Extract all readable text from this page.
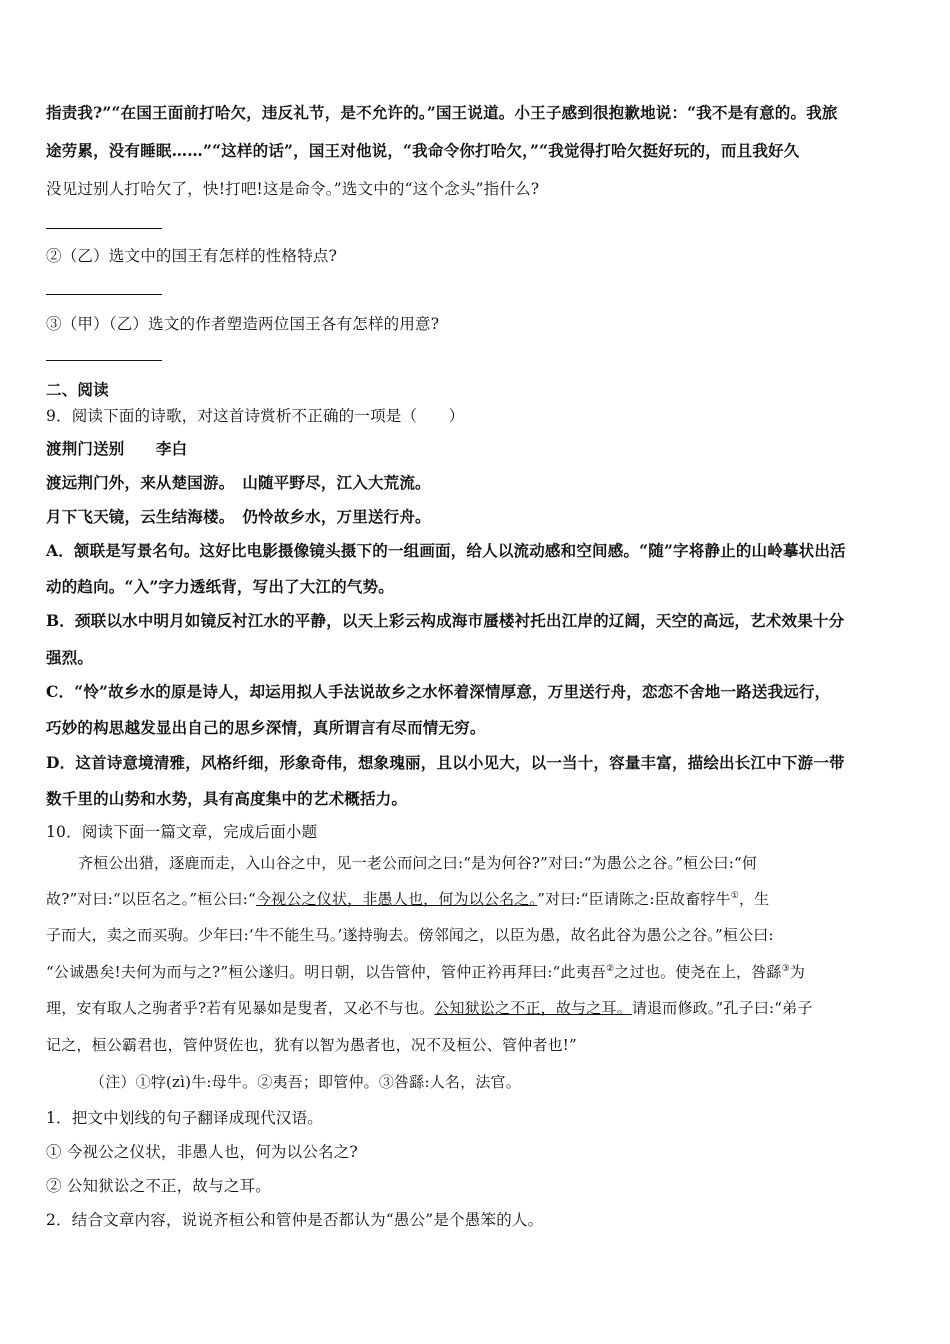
指责我?”“在国王面前打哈欠，违反礼节，是不允许的。”国王说道。小王子感到很抱歉地说：“我不是有意的。我旅
途劳累，没有睡眠……”“这样的话”，国王对他说，“我命令你打哈欠，”“我觉得打哈欠挺好玩的，而且我好久
没见过别人打哈欠了，快!打吧!这是命令。”选文中的“这个念头”指什么?
②（乙）选文中的国王有怎样的性格特点?
③（甲）（乙）选文的作者塑造两位国王各有怎样的用意?
二、阅读
9．阅读下面的诗歌，对这首诗赏析不正确的一项是（　　）
渡荆门送别　　李白
渡远荆门外，来从楚国游。　山随平野尽，江入大荒流。
月下飞天镜，云生结海楼。　仍怜故乡水，万里送行舟。
A．颔联是写景名句。这好比电影摄像镜头摄下的一组画面，给人以流动感和空间感。“随”字将静止的山岭摹状出活
动的趋向。“入”字力透纸背，写出了大江的气势。
B．颈联以水中明月如镜反衬江水的平静，以天上彩云构成海市蜃楼衬托出江岸的辽阔，天空的高远，艺术效果十分
强烈。
C．“怜”故乡水的原是诗人，却运用拟人手法说故乡之水怀着深情厚意，万里送行舟，恋恋不舍地一路送我远行，
巧妙的构思越发显出自己的思乡深情，真所谓言有尽而情无穷。
D．这首诗意境清雅，风格纤细，形象奇伟，想象瑰丽，且以小见大，以一当十，容量丰富，描绘出长江中下游一带
数千里的山势和水势，具有高度集中的艺术概括力。
10．阅读下面一篇文章，完成后面小题
齐桓公出猎，逐鹿而走，入山谷之中，见一老公而问之曰:“是为何谷?”对曰:“为愚公之谷。”桓公曰:“何
故?”对曰:“以臣名之。”桓公曰:“今视公之仪状，非愚人也，何为以公名之。”对曰:“臣请陈之:臣故畜牸牛①，生
子而大，卖之而买驹。少年曰:‘牛不能生马。’遂持驹去。傍邻闻之，以臣为愚，故名此谷为愚公之谷。”桓公曰:
“公诚愚矣!夫何为而与之?”桓公遂归。明日朝，以告管仲，管仲正衿再拜曰:“此夷吾②之过也。使尧在上，咎繇③为
理，安有取人之驹者乎?若有见暴如是叟者，又必不与也。公知狱讼之不正，故与之耳。请退而修政。”孔子曰:“弟子
记之，桓公霸君也，管仲贤佐也，犹有以智为愚者也，况不及桓公、管仲者也!”
（注）①牸(zì)牛:母牛。②夷吾；即管仲。③咎繇:人名，法官。
1．把文中划线的句子翻译成现代汉语。
① 今视公之仪状，非愚人也，何为以公名之?
② 公知狱讼之不正，故与之耳。
2．结合文章内容，说说齐桓公和管仲是否都认为“愚公”是个愚笨的人。
